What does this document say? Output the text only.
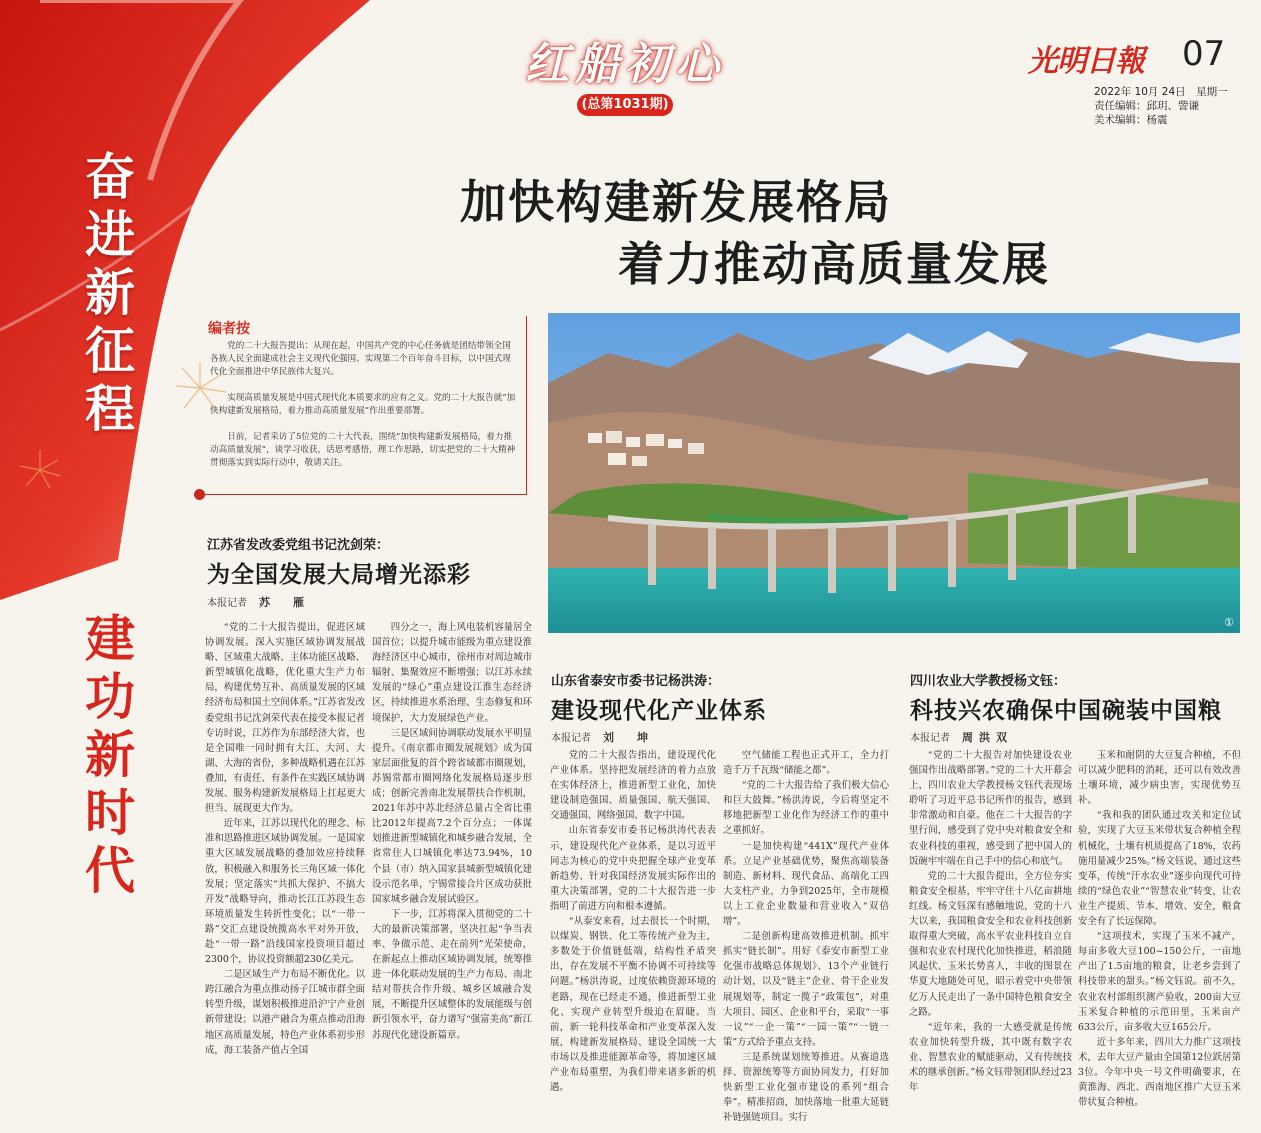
奋
进
新
征
程
建
功
新
时
代
红船初心
(总第1031期)
光明日報 07
2022年 10月 24日　星期一
责任编辑：邱玥、訾谦
美术编辑：杨震
加快构建新发展格局
着力推动高质量发展
编者按

党的二十大报告提出：从现在起，中国共产党的中心任务就是团结带领全国各族人民全面建成社会主义现代化强国、实现第二个百年奋斗目标，以中国式现代化全面推进中华民族伟大复兴。

实现高质量发展是中国式现代化本质要求的应有之义。党的二十大报告就“加快构建新发展格局，着力推动高质量发展”作出重要部署。

日前，记者采访了5位党的二十大代表，围绕“加快构建新发展格局，着力推动高质量发展”，谈学习收获，话思考感悟，理工作思路，切实把党的二十大精神贯彻落实到实际行动中，敬请关注。

①
江苏省发改委党组书记沈剑荣：
为全国发展大局增光添彩
本报记者 苏　雁

“党的二十大报告提出，促进区域协调发展。深入实施区域协调发展战略、区域重大战略、主体功能区战略、新型城镇化战略，优化重大生产力布局，构建优势互补、高质量发展的区域经济布局和国土空间体系。”江苏省发改委党组书记沈剑荣代表在接受本报记者专访时说，江苏作为东部经济大省，也是全国唯一同时拥有大江、大河、大湖、大海的省份，多种战略机遇在江苏叠加，有责任、有条件在实践区域协调发展、服务构建新发展格局上扛起更大担当、展现更大作为。

近年来，江苏以现代化的理念、标准和思路推进区域协调发展。一是国家重大区域发展战略的叠加效应持续释放，积极融入和服务长三角区域一体化发展；坚定落实“共抓大保护、不搞大开发”战略导向，推动长江江苏段生态环境质量发生转折性变化；以“一带一路”交汇点建设统揽高水平对外开放，赴“一带一路”沿线国家投资项目超过2300个，协议投资额超230亿美元。

二是区域生产力布局不断优化。以跨江融合为重点推动扬子江城市群全面转型升级，谋划积极推进沿沪宁产业创新带建设；以港产融合为重点推动沿海地区高质量发展，特色产业体系初步形成，海工装备产值占全国

四分之一，海上风电装机容量居全国首位；以提升城市能级为重点建设淮海经济区中心城市，徐州市对周边城市辐射、集聚效应不断增强；以江苏永续发展的“绿心”重点建设江淮生态经济区，持续推进水系治理、生态修复和环境保护，大力发展绿色产业。

三是区域间协调联动发展水平明显提升。《南京都市圈发展规划》成为国家层面批复的首个跨省域都市圈规划，苏锡常都市圈网络化发展格局逐步形成；创新完善南北发展帮扶合作机制，2021年苏中苏北经济总量占全省比重比2012年提高7.2个百分点；一体谋划推进新型城镇化和城乡融合发展，全省常住人口城镇化率达73.94%，10个县（市）纳入国家县城新型城镇化建设示范名单，宁锡常接合片区成功获批国家城乡融合发展试验区。

下一步，江苏将深入贯彻党的二十大的最新决策部署，坚决扛起“争当表率、争做示范、走在前列”光荣使命，在新起点上推动区域协调发展，统筹推进一体化联动发展的生产力布局、南北结对帮扶合作升级、城乡区域融合发展，不断提升区域整体的发展能级与创新引领水平，奋力谱写“强富美高”新江苏现代化建设新篇章。

山东省泰安市委书记杨洪涛：
建设现代化产业体系
本报记者 刘　坤

党的二十大报告指出，建设现代化产业体系。坚持把发展经济的着力点放在实体经济上，推进新型工业化，加快建设制造强国、质量强国、航天强国、交通强国、网络强国、数字中国。

山东省泰安市委书记杨洪涛代表表示，建设现代化产业体系，是以习近平同志为核心的党中央把握全球产业变革新趋势、针对我国经济发展实际作出的重大决策部署，党的二十大报告进一步指明了前进方向和根本遵循。

“从泰安来看，过去很长一个时期，以煤炭、钢铁、化工等传统产业为主，多数处于价值链低端，结构性矛盾突出，存在发展不平衡不协调不可持续等问题。”杨洪涛说，过度依赖资源环境的老路，现在已经走不通，推进新型工业化、实现产业转型升级迫在眉睫。当前，新一轮科技革命和产业变革深入发展，构建新发展格局、建设全国统一大市场以及推进能源革命等，将加速区域产业布局重塑，为我们带来诸多新的机遇。

空气储能工程也正式开工，全力打造千万千瓦级“储能之都”。

“党的二十大报告给了我们极大信心和巨大鼓舞。”杨洪涛说，今后将坚定不移地把新型工业化作为经济工作的重中之重抓好。

一是加快构建“441X”现代产业体系。立足产业基础优势，聚焦高端装备制造、新材料、现代食品、高端化工四大支柱产业，力争到2025年，全市规模以上工业企业数量和营业收入“双倍增”。

二是创新构建高效推进机制。抓牢抓实“链长制”。用好《泰安市新型工业化强市战略总体规划》、13个产业链行动计划，以及“链主”企业、骨干企业发展规划等，制定一揽子“政策包”，对重大项目、园区、企业和平台，采取“一事一议”“一企一策”“一园一策”“一链一策”方式给予重点支持。

三是系统谋划统筹推进。从赛道选择、资源统筹等方面协同发力，打好加快新型工业化强市建设的系列“组合拳”。精准招商，加快落地一批重大延链补链强链项目。实行

四川农业大学教授杨文钰：
科技兴农确保中国碗装中国粮
本报记者 周洪双

“党的二十大报告对加快建设农业强国作出战略部署。”党的二十大开幕会上，四川农业大学教授杨文钰代表现场聆听了习近平总书记所作的报告，感到非常激动和自豪。他在二十大报告的字里行间，感受到了党中央对粮食安全和农业科技的重视，感受到了把中国人的饭碗牢牢端在自己手中的信心和底气。

党的二十大报告提出，全方位夯实粮食安全根基，牢牢守住十八亿亩耕地红线。杨文钰深有感触地说，党的十八大以来，我国粮食安全和农业科技创新取得重大突破，高水平农业科技自立自强和农业农村现代化加快推进，稻浪随风起伏、玉米长势喜人，丰收的图景在华夏大地随处可见，昭示着党中央带领亿万人民走出了一条中国特色粮食安全之路。

“近年来，我的一大感受就是传统农业加快转型升级，其中既有数字农业、智慧农业的赋能驱动，又有传统技术的继承创新。”杨文钰带领团队经过23年

玉米和耐阴的大豆复合种植，不但可以减少肥料的消耗，还可以有效改善土壤环境，减少病虫害，实现优势互补。

“我和我的团队通过攻关和定位试验，实现了大豆玉米带状复合种植全程机械化，土壤有机质提高了18%，农药施用量减少25%。”杨文钰说，通过这些变革，传统“汗水农业”逐步向现代可持续的“绿色农业”“智慧农业”转变，让农业生产提质、节本、增效、安全，粮食安全有了长远保障。

“这项技术，实现了玉米不减产，每亩多收大豆100~150公斤，一亩地产出了1.5亩地的粮食，让老乡尝到了科技带来的甜头。”杨文钰说。前不久，农业农村部组织测产验收，200亩大豆玉米复合种植的示范田里，玉米亩产633公斤，亩多收大豆165公斤。

近十多年来，四川大力推广这项技术，去年大豆产量由全国第12位跃居第3位。今年中央一号文件明确要求，在黄淮海、西北、西南地区推广大豆玉米带状复合种植。
